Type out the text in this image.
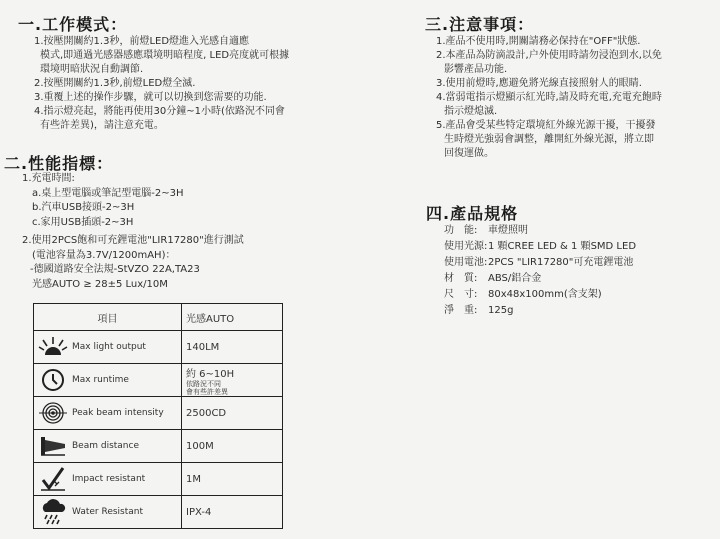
一.工作模式：
1.按壓開關約1.3秒，前燈LED燈進入光感自適應
模式,即通過光感器感應環境明暗程度, LED亮度就可根據
環境明暗狀況自動調節.
2.按壓開關約1.3秒,前燈LED燈全滅.
3.重覆上述的操作步驟，就可以切換到您需要的功能.
4.指示燈亮起，將能再使用30分鐘~1小時(依路況不同會
有些許差異)，請注意充電。
二.性能指標：
1.充電時間:
a.桌上型電腦或筆記型電腦-2~3H
b.汽車USB接頭-2~3H
c.家用USB插頭-2~3H
2.使用2PCS飽和可充鋰電池"LIR17280"進行測試
(電池容量為3.7V/1200mAH)：
-德國道路安全法規-StVZO 22A,TA23
光感AUTO ≥ 28±5 Lux/10M
項目	光感AUTO

Max light output	140LM

Max runtime	約 6~10H 依路況不同
會有些許差異

Peak beam intensity	2500CD

Beam distance	100M

Impact resistant	1M

Water Resistant	IPX-4
三.注意事項：
1.產品不使用時,開關請務必保持在"OFF"狀態.
2.本產品為防滴設計,户外使用時請勿浸泡到水,以免
影響產品功能.
3.使用前燈時,應避免將光線直接照射人的眼睛.
4.當弱電指示燈顯示紅光時,請及時充電,充電充飽時
指示燈熄滅.
5.產品會受某些特定環境紅外線光源干擾，干擾發
生時燈光強弱會調整，離開紅外線光源，將立即
回復運做。
四.產品規格
功　能: 車燈照明
使用光源:1 顆CREE LED & 1 顆SMD LED
使用電池:2PCS "LIR17280"可充電鋰電池
材　質: ABS/鋁合金
尺　寸: 80x48x100mm(含支架)
淨　重: 125g
